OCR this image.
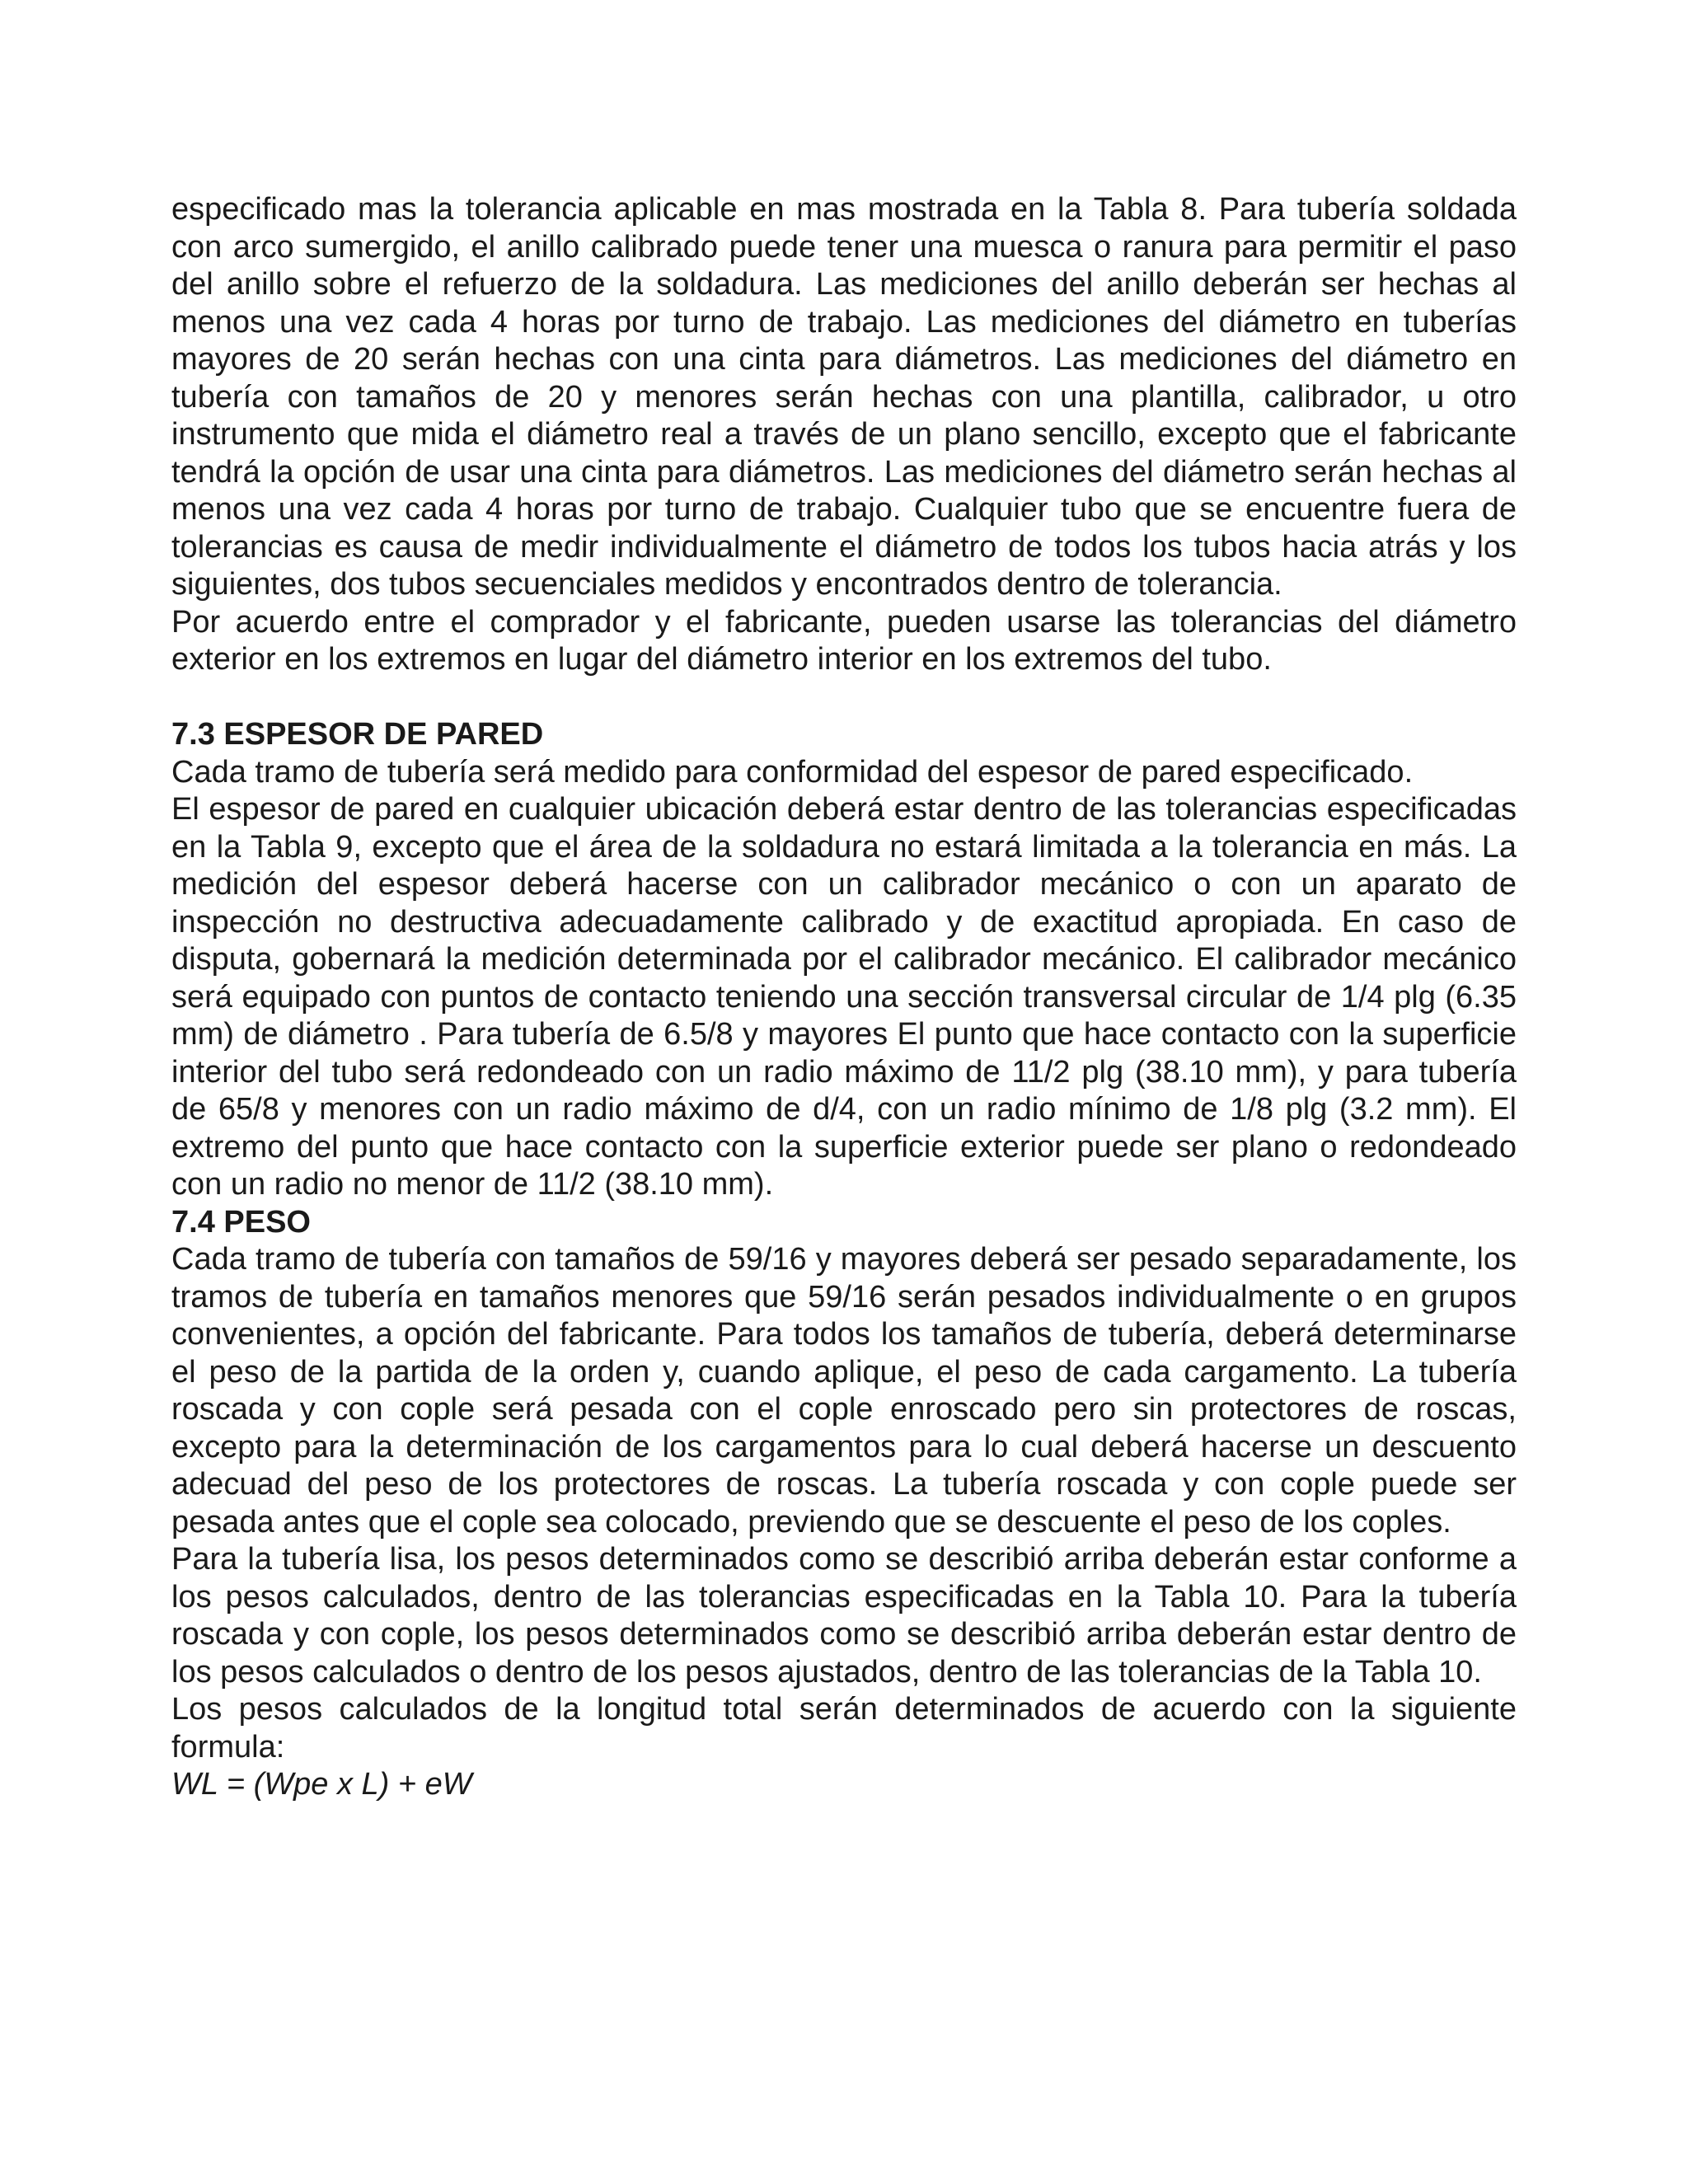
especificado mas la tolerancia aplicable en mas mostrada en la Tabla 8. Para tubería soldada con arco sumergido, el anillo calibrado puede tener una muesca o ranura para permitir el paso del anillo sobre el refuerzo de la soldadura. Las mediciones del anillo deberán ser hechas al menos una vez cada 4 horas por turno de trabajo. Las mediciones del diámetro en tuberías mayores de 20 serán hechas con una cinta para diámetros. Las mediciones del diámetro en tubería con tamaños de 20 y menores serán hechas con una plantilla, calibrador, u otro instrumento que mida el diámetro real a través de un plano sencillo, excepto que el fabricante tendrá la opción de usar una cinta para diámetros. Las mediciones del diámetro serán hechas al menos una vez cada 4 horas por turno de trabajo. Cualquier tubo que se encuentre fuera de tolerancias es causa de medir individualmente el diámetro de todos los tubos hacia atrás y los siguientes, dos tubos secuenciales medidos y encontrados dentro de tolerancia.

Por acuerdo entre el comprador y el fabricante, pueden usarse las tolerancias del diámetro exterior en los extremos en lugar del diámetro interior en los extremos del tubo.

7.3 ESPESOR DE PARED

Cada tramo de tubería será medido para conformidad del espesor de pared especificado.

El espesor de pared en cualquier ubicación deberá estar dentro de las tolerancias especificadas en la Tabla 9, excepto que el área de la soldadura no estará limitada a la tolerancia en más. La medición del espesor deberá hacerse con un calibrador mecánico o con un aparato de inspección no destructiva adecuadamente calibrado y de exactitud apropiada. En caso de disputa, gobernará la medición determinada por el calibrador mecánico. El calibrador mecánico será equipado con puntos de contacto teniendo una sección transversal circular de 1/4 plg (6.35 mm) de diámetro . Para tubería de 6.5/8 y mayores El punto que hace contacto con la superficie interior del tubo será redondeado con un radio máximo de 11/2 plg (38.10 mm), y para tubería de 65/8 y menores con un radio máximo de d/4, con un radio mínimo de 1/8 plg (3.2 mm). El extremo del punto que hace contacto con la superficie exterior puede ser plano o redondeado con un radio no menor de 11/2 (38.10 mm).

7.4 PESO

Cada tramo de tubería con tamaños de 59/16 y mayores deberá ser pesado separadamente, los tramos de tubería en tamaños menores que 59/16 serán pesados individualmente o en grupos convenientes, a opción del fabricante. Para todos los tamaños de tubería, deberá determinarse el peso de la partida de la orden y, cuando aplique, el peso de cada cargamento. La tubería roscada y con cople será pesada con el cople enroscado pero sin protectores de roscas, excepto para la determinación de los cargamentos para lo cual deberá hacerse un descuento adecuad del peso de los protectores de roscas. La tubería roscada y con cople puede ser pesada antes que el cople sea colocado, previendo que se descuente el peso de los coples.

Para la tubería lisa, los pesos determinados como se describió arriba deberán estar conforme a los pesos calculados, dentro de las tolerancias especificadas en la Tabla 10. Para la tubería roscada y con cople, los pesos determinados como se describió arriba deberán estar dentro de los pesos calculados o dentro de los pesos ajustados, dentro de las tolerancias de la Tabla 10.

Los pesos calculados de la longitud total serán determinados de acuerdo con la siguiente formula:

WL = (Wpe x L) + eW
